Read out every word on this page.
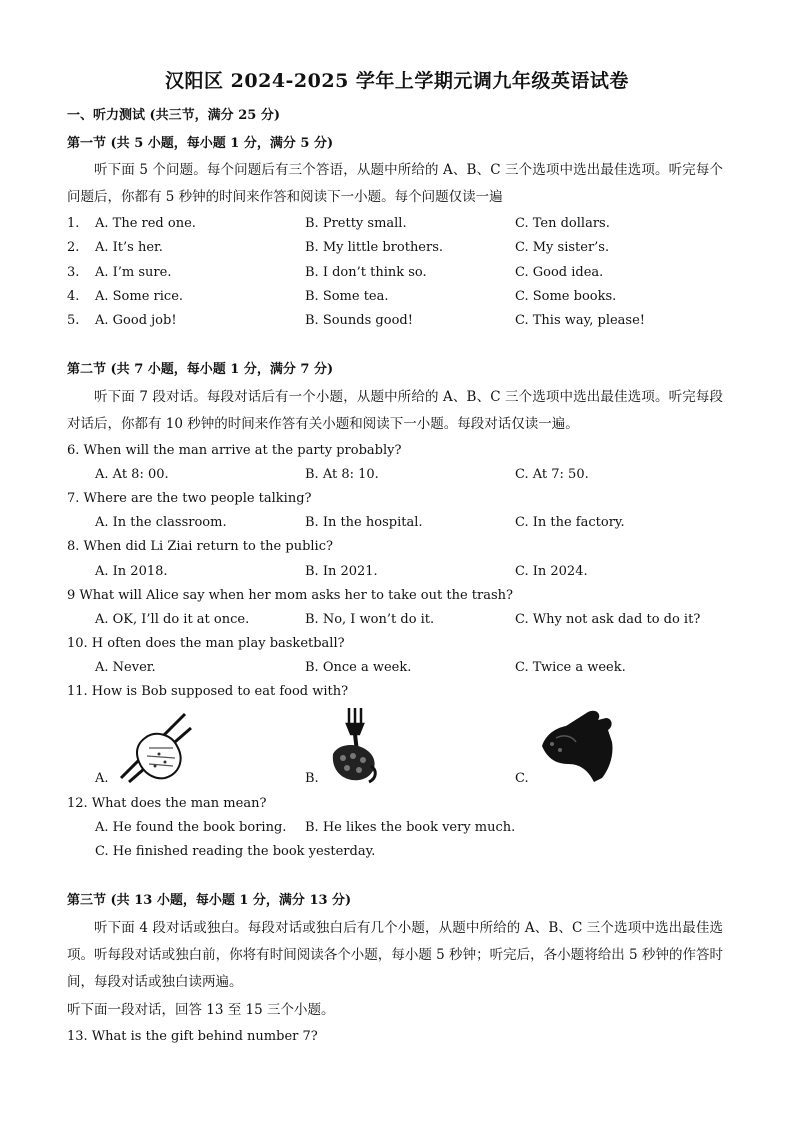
汉阳区 2024-2025 学年上学期元调九年级英语试卷
一、听力测试 (共三节，满分 25 分)
第一节 (共 5 小题，每小题 1 分，满分 5 分)
听下面 5 个问题。每个问题后有三个答语，从题中所给的 A、B、C 三个选项中选出最佳选项。听完每个问题后，你都有 5 秒钟的时间来作答和阅读下一小题。每个问题仅读一遍
1. A. The red one.	B. Pretty small.	C. Ten dollars.
2. A. It’s her.	B. My little brothers.	C. My sister’s.
3. A. I’m sure.	B. I don’t think so.	C. Good idea.
4. A. Some rice.	B. Some tea.	C. Some books.
5. A. Good job!	B. Sounds good!	C. This way, please!
第二节 (共 7 小题，每小题 1 分，满分 7 分)
听下面 7 段对话。每段对话后有一个小题，从题中所给的 A、B、C 三个选项中选出最佳选项。听完每段对话后，你都有 10 秒钟的时间来作答有关小题和阅读下一小题。每段对话仅读一遍。
6. When will the man arrive at the party probably?
A. At 8: 00.	B. At 8: 10.	C. At 7: 50.
7. Where are the two people talking?
A. In the classroom.	B. In the hospital.	C. In the factory.
8. When did Li Ziai return to the public?
A. In 2018.	B. In 2021.	C. In 2024.
9 What will Alice say when her mom asks her to take out the trash?
A. OK, I’ll do it at once.	B. No, I won’t do it.	C. Why not ask dad to do it?
10. H often does the man play basketball?
A. Never.	B. Once a week.	C. Twice a week.
11. How is Bob supposed to eat food with?
A.	B.	C.
12. What does the man mean?
A. He found the book boring. B. He likes the book very much.
C. He finished reading the book yesterday.
第三节 (共 13 小题，每小题 1 分，满分 13 分)
听下面 4 段对话或独白。每段对话或独白后有几个小题，从题中所给的 A、B、C 三个选项中选出最佳选项。听每段对话或独白前，你将有时间阅读各个小题，每小题 5 秒钟；听完后，各小题将给出 5 秒钟的作答时间，每段对话或独白读两遍。
听下面一段对话，回答 13 至 15 三个小题。
13. What is the gift behind number 7?
